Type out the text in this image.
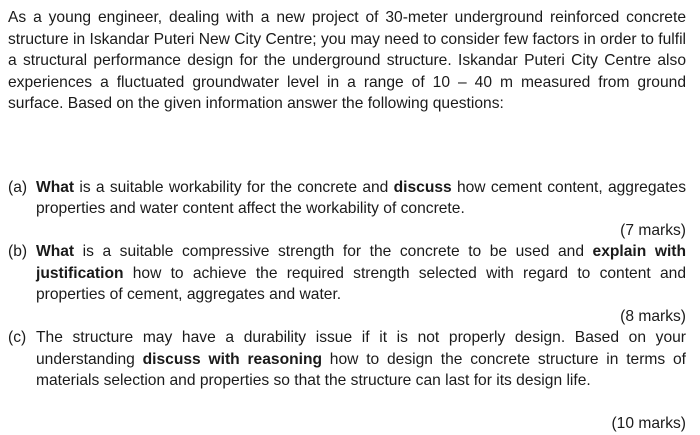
As a young engineer, dealing with a new project of 30-meter underground reinforced concrete structure in Iskandar Puteri New City Centre; you may need to consider few factors in order to fulfil a structural performance design for the underground structure. Iskandar Puteri City Centre also experiences a fluctuated groundwater level in a range of 10 – 40 m measured from ground surface. Based on the given information answer the following questions:

(a) What is a suitable workability for the concrete and discuss how cement content, aggregates properties and water content affect the workability of concrete.

(7 marks)

(b) What is a suitable compressive strength for the concrete to be used and explain with justification how to achieve the required strength selected with regard to content and properties of cement, aggregates and water.

(8 marks)

(c) The structure may have a durability issue if it is not properly design. Based on your understanding discuss with reasoning how to design the concrete structure in terms of materials selection and properties so that the structure can last for its design life.

(10 marks)
